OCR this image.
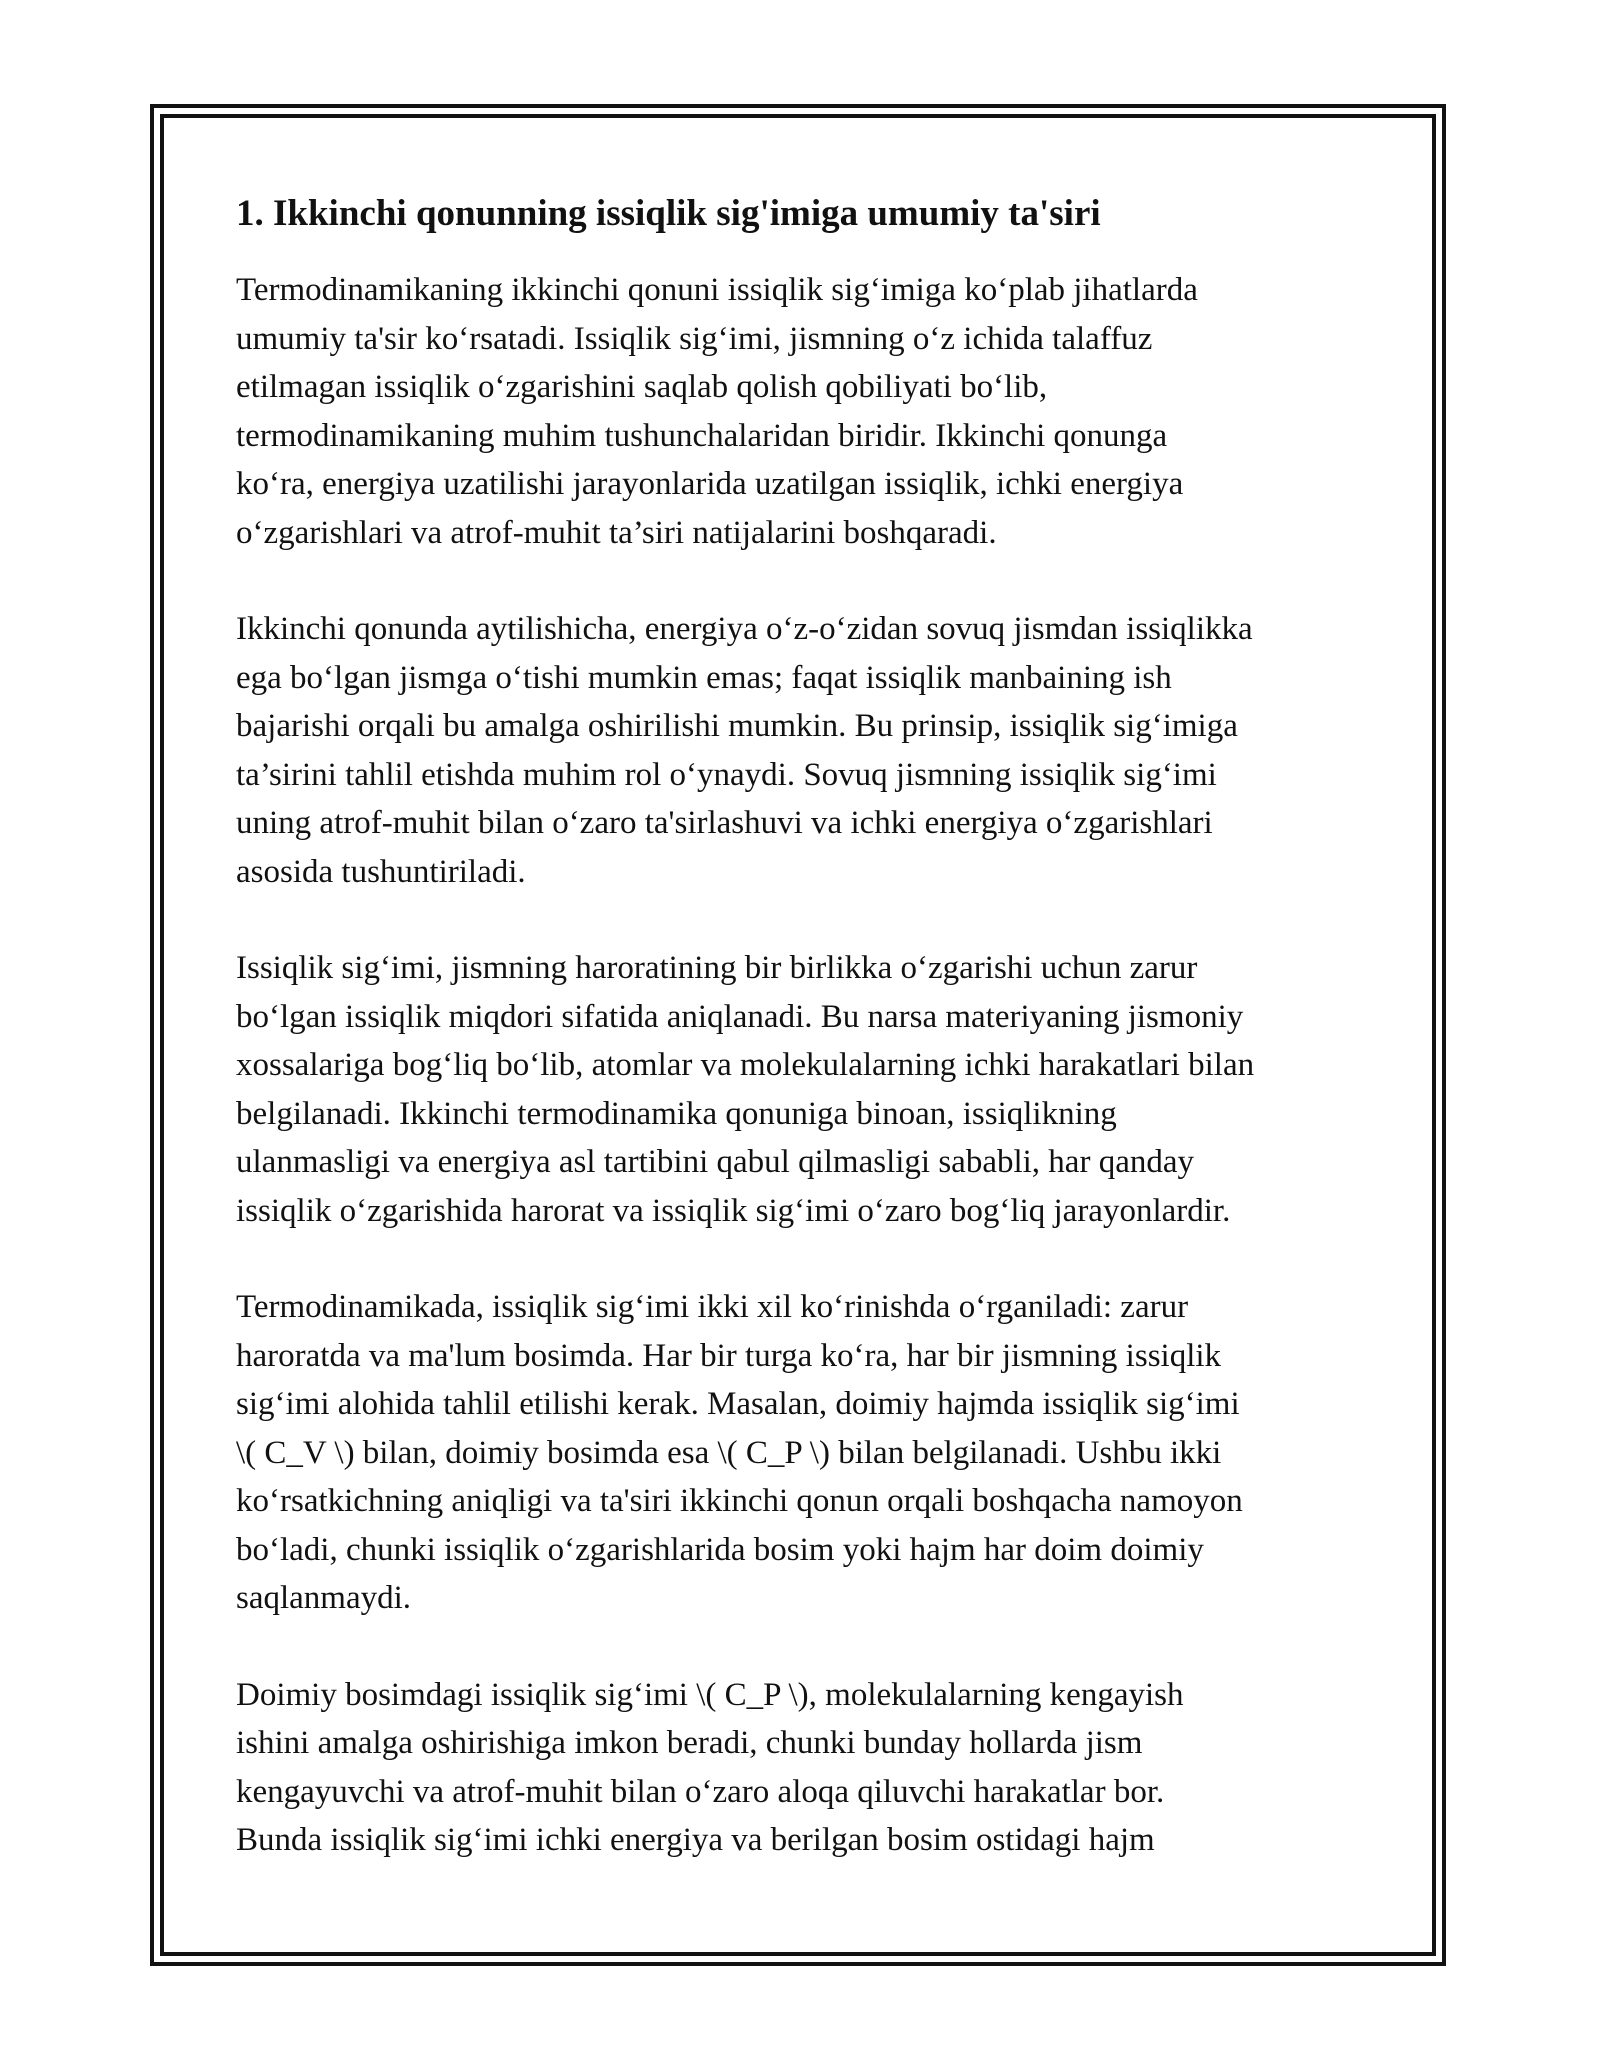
1. Ikkinchi qonunning issiqlik sig'imiga umumiy ta'siri

Termodinamikaning ikkinchi qonuni issiqlik sig‘imiga ko‘plab jihatlarda
umumiy ta'sir ko‘rsatadi. Issiqlik sig‘imi, jismning o‘z ichida talaffuz
etilmagan issiqlik o‘zgarishini saqlab qolish qobiliyati bo‘lib,
termodinamikaning muhim tushunchalaridan biridir. Ikkinchi qonunga
ko‘ra, energiya uzatilishi jarayonlarida uzatilgan issiqlik, ichki energiya
o‘zgarishlari va atrof-muhit ta’siri natijalarini boshqaradi.

Ikkinchi qonunda aytilishicha, energiya o‘z-o‘zidan sovuq jismdan issiqlikka
ega bo‘lgan jismga o‘tishi mumkin emas; faqat issiqlik manbaining ish
bajarishi orqali bu amalga oshirilishi mumkin. Bu prinsip, issiqlik sig‘imiga
ta’sirini tahlil etishda muhim rol o‘ynaydi. Sovuq jismning issiqlik sig‘imi
uning atrof-muhit bilan o‘zaro ta'sirlashuvi va ichki energiya o‘zgarishlari
asosida tushuntiriladi.

Issiqlik sig‘imi, jismning haroratining bir birlikka o‘zgarishi uchun zarur
bo‘lgan issiqlik miqdori sifatida aniqlanadi. Bu narsa materiyaning jismoniy
xossalariga bog‘liq bo‘lib, atomlar va molekulalarning ichki harakatlari bilan
belgilanadi. Ikkinchi termodinamika qonuniga binoan, issiqlikning
ulanmasligi va energiya asl tartibini qabul qilmasligi sababli, har qanday
issiqlik o‘zgarishida harorat va issiqlik sig‘imi o‘zaro bog‘liq jarayonlardir.

Termodinamikada, issiqlik sig‘imi ikki xil ko‘rinishda o‘rganiladi: zarur
haroratda va ma'lum bosimda. Har bir turga ko‘ra, har bir jismning issiqlik
sig‘imi alohida tahlil etilishi kerak. Masalan, doimiy hajmda issiqlik sig‘imi
\( C_V \) bilan, doimiy bosimda esa \( C_P \) bilan belgilanadi. Ushbu ikki
ko‘rsatkichning aniqligi va ta'siri ikkinchi qonun orqali boshqacha namoyon
bo‘ladi, chunki issiqlik o‘zgarishlarida bosim yoki hajm har doim doimiy
saqlanmaydi.

Doimiy bosimdagi issiqlik sig‘imi \( C_P \), molekulalarning kengayish
ishini amalga oshirishiga imkon beradi, chunki bunday hollarda jism
kengayuvchi va atrof-muhit bilan o‘zaro aloqa qiluvchi harakatlar bor.
Bunda issiqlik sig‘imi ichki energiya va berilgan bosim ostidagi hajm
